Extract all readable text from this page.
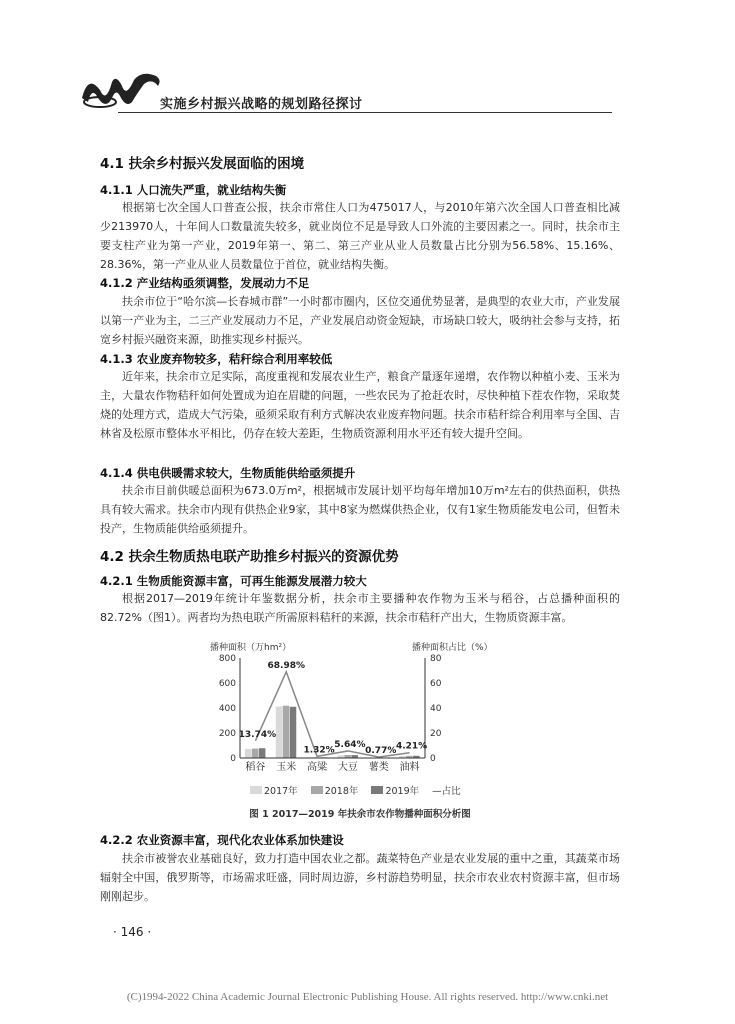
实施乡村振兴战略的规划路径探讨
4.1 扶余乡村振兴发展面临的困境
4.1.1 人口流失严重，就业结构失衡
根据第七次全国人口普查公报，扶余市常住人口为475017人，与2010年第六次全国人口普查相比减少213970人，十年间人口数量流失较多，就业岗位不足是导致人口外流的主要因素之一。同时，扶余市主要支柱产业为第一产业，2019年第一、第二、第三产业从业人员数量占比分别为56.58%、15.16%、28.36%，第一产业从业人员数量位于首位，就业结构失衡。
4.1.2 产业结构亟须调整，发展动力不足
扶余市位于“哈尔滨—长春城市群”一小时都市圈内，区位交通优势显著，是典型的农业大市，产业发展以第一产业为主，二三产业发展动力不足，产业发展启动资金短缺，市场缺口较大，吸纳社会参与支持，拓宽乡村振兴融资来源，助推实现乡村振兴。
4.1.3 农业废弃物较多，秸秆综合利用率较低
近年来，扶余市立足实际，高度重视和发展农业生产，粮食产量逐年递增，农作物以种植小麦、玉米为主，大量农作物秸秆如何处置成为迫在眉睫的问题，一些农民为了抢赶农时，尽快种植下茬农作物，采取焚烧的处理方式，造成大气污染，亟须采取有利方式解决农业废弃物问题。扶余市秸秆综合利用率与全国、吉林省及松原市整体水平相比，仍存在较大差距，生物质资源利用水平还有较大提升空间。
4.1.4 供电供暖需求较大，生物质能供给亟须提升
扶余市目前供暖总面积为673.0万m²，根据城市发展计划平均每年增加10万m²左右的供热面积，供热具有较大需求。扶余市内现有供热企业9家，其中8家为燃煤供热企业，仅有1家生物质能发电公司，但暂未投产，生物质能供给亟须提升。
4.2 扶余生物质热电联产助推乡村振兴的资源优势
4.2.1 生物质能资源丰富，可再生能源发展潜力较大
根据2017—2019年统计年鉴数据分析，扶余市主要播种农作物为玉米与稻谷，占总播种面积的82.72%（图1）。两者均为热电联产所需原料秸秆的来源，扶余市秸秆产出大，生物质资源丰富。
播种面积（万hm²）	播种面积占比（%）
13.74%
68.98%
1.32%
5.64%
0.77% 4.21%
0
200
400
600
800
0
20
40
60
80
稻谷 玉米 高粱 大豆 薯类 油料
2017年	2018年	2019年 —占比
图 1 2017—2019 年扶余市农作物播种面积分析图
4.2.2 农业资源丰富，现代化农业体系加快建设
扶余市被誉农业基础良好，致力打造中国农业之都。蔬菜特色产业是农业发展的重中之重，其蔬菜市场辐射全中国，俄罗斯等，市场需求旺盛，同时周边游，乡村游趋势明显，扶余市农业农村资源丰富，但市场刚刚起步。
· 146 ·
(C)1994-2022 China Academic Journal Electronic Publishing House. All rights reserved. http://www.cnki.net
